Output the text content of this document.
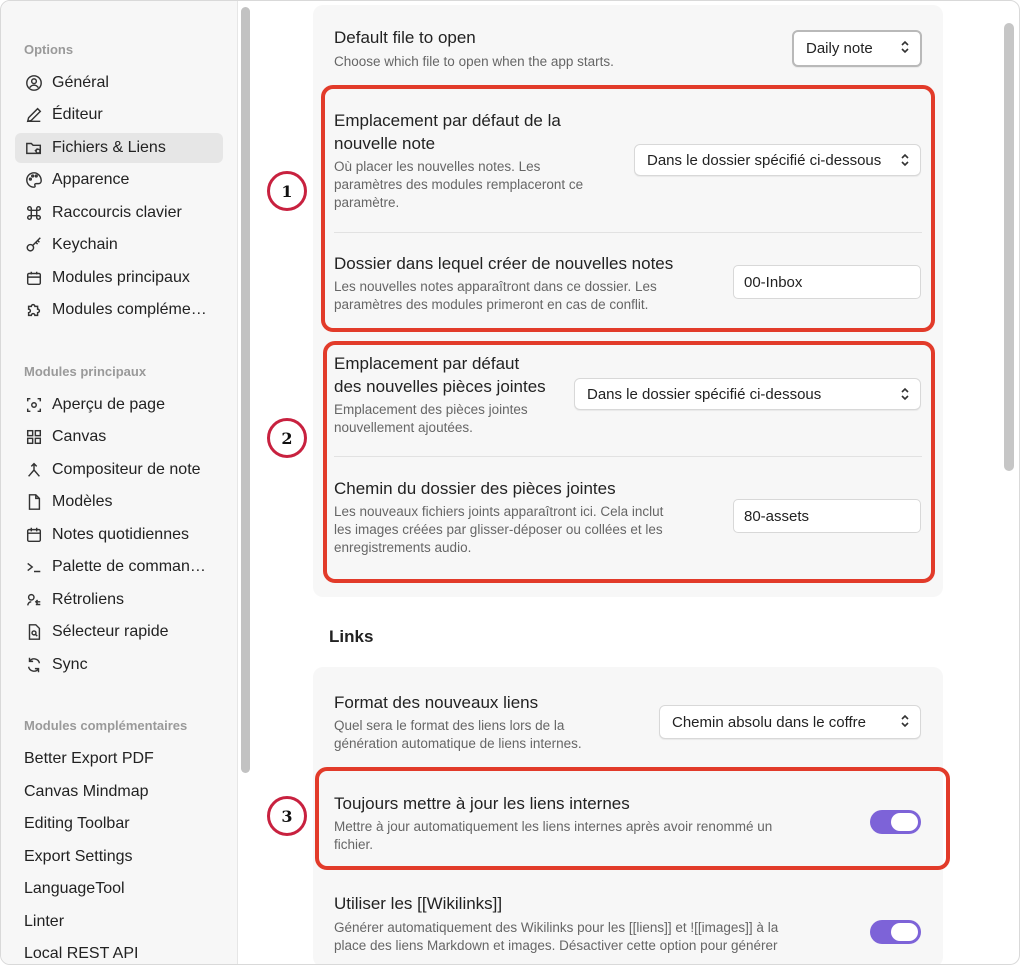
Options
Général
Éditeur
Fichiers & Liens
Apparence
Raccourcis clavier
Keychain
Modules principaux
Modules compléme…
Modules principaux
Aperçu de page
Canvas
Compositeur de note
Modèles
Notes quotidiennes
Palette de comman…
Rétroliens
Sélecteur rapide
Sync
Modules complémentaires
Better Export PDF
Canvas Mindmap
Editing Toolbar
Export Settings
LanguageTool
Linter
Local REST API
Default file to open
Choose which file to open when the app starts.
Daily note
Emplacement par défaut de la
nouvelle note
Où placer les nouvelles notes. Les
paramètres des modules remplaceront ce
paramètre.
Dans le dossier spécifié ci-dessous
Dossier dans lequel créer de nouvelles notes
Les nouvelles notes apparaîtront dans ce dossier. Les
paramètres des modules primeront en cas de conflit.
00-Inbox
Emplacement par défaut
des nouvelles pièces jointes
Emplacement des pièces jointes
nouvellement ajoutées.
Dans le dossier spécifié ci-dessous
Chemin du dossier des pièces jointes
Les nouveaux fichiers joints apparaîtront ici. Cela inclut
les images créées par glisser-déposer ou collées et les
enregistrements audio.
80-assets
Links
Format des nouveaux liens
Quel sera le format des liens lors de la
génération automatique de liens internes.
Chemin absolu dans le coffre
Toujours mettre à jour les liens internes
Mettre à jour automatiquement les liens internes après avoir renommé un
fichier.
Utiliser les [[Wikilinks]]
Générer automatiquement des Wikilinks pour les [[liens]] et ![[images]] à la
place des liens Markdown et images. Désactiver cette option pour générer
1
2
3
